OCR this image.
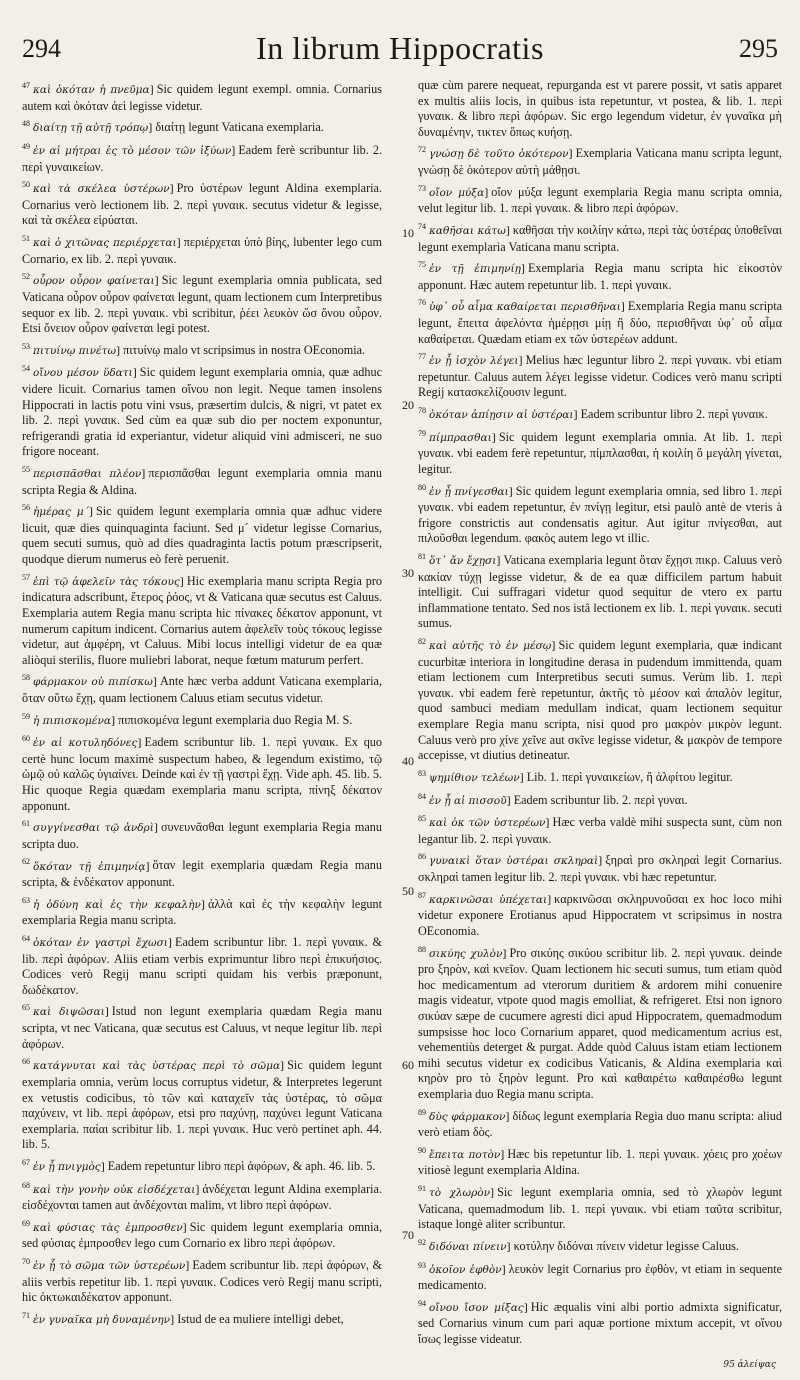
294	In librum Hippocratis	295

$^{47}$ καὶ ὁκόταν ἡ πνεῦμα ] Sic quidem legunt exempl. omnia. Cornarius autem καὶ ὁκόταν ἀεὶ legisse videtur.

$^{48}$ διαίτῃ τῇ αὐτῇ τρόπῳ ] διαίτῃ legunt Vaticana exemplaria.

$^{49}$ ἐν αἱ μήτραι ἐς τὸ μέσον τῶν ἰξύων ] Eadem ferè scribuntur lib. 2. περὶ γυναικείων.

$^{50}$ καὶ τὰ σκέλεα ὑστέρων ] Pro ὑστέρων legunt Aldina exemplaria. Cornarius verò lectionem lib. 2. περὶ γυναικ. secutus videtur & legisse, καὶ τὰ σκέλεα εἰρύαται.

$^{51}$ καὶ ὁ χιτῶνας περιέρχεται ] περιέρχεται ὑπὸ βίης, lubenter lego cum Cornario, ex lib. 2. περὶ γυναικ.

$^{52}$ οὖρον οὖρον φαίνεται ] Sic legunt exemplaria omnia publicata, sed Vaticana οὖρον οὖρον φαίνεται legunt, quam lectionem cum Interpretibus sequor ex lib. 2. περὶ γυναικ. vbi scribitur, ῥέει λευκὸν ὥσ ὄνου οὖρον. Etsi ὄνειον οὖρον φαίνεται legi potest.

$^{53}$ πιτυίνῳ πινέτω ] πιτυίνῳ malo vt scripsimus in nostra OEconomia.

$^{54}$ οἴνου μέσον ὕδατι ] Sic quidem legunt exemplaria omnia, quæ adhuc videre licuit. Cornarius tamen οἴνου non legit. Neque tamen insolens Hippocrati in lactis potu vini vsus, præsertim dulcis, & nigri, vt patet ex lib. 2. περὶ γυναικ. Sed cùm ea quæ sub dio per noctem exponuntur, refrigerandi gratia id experiantur, videtur aliquid vini admisceri, ne suo frigore noceant.

$^{55}$ περισπᾶσθαι πλέον ] περισπᾶσθαι legunt exemplaria omnia manu scripta Regia & Aldina.

$^{56}$ ἡμέρας μ´ ] Sic quidem legunt exemplaria omnia quæ adhuc videre licuit, quæ dies quinquaginta faciunt. Sed μ´ videtur legisse Cornarius, quem secuti sumus, quò ad dies quadraginta lactis potum præscripserit, quodque dierum numerus eò ferè peruenit.

$^{57}$ ἐπὶ τῷ ἀφελεῖν τὰς τόκους ] Hic exemplaria manu scripta Regia pro indicatura adscribunt, ἕτερος ῥόος, vt & Vaticana quæ secutus est Caluus. Exemplaria autem Regia manu scripta hic πίνακες δέκατον apponunt, vt numerum capitum indicent. Cornarius autem ἀφελεῖν τοὺς τόκους legisse videtur, aut ἀμφέρη, vt Caluus. Mibi locus intelligi videtur de ea quæ aliòqui sterilis, fluore muliebri laborat, neque fœtum maturum perfert.

$^{58}$ φάρμακον οὐ πιπίσκω ] Ante hæc verba addunt Vaticana exemplaria, ὅταν οὕτω ἔχῃ, quam lectionem Caluus etiam secutus videtur.

$^{59}$ ἡ πιπισκομένα ] πιπισκομένα legunt exemplaria duo Regia M. S.

$^{60}$ ἐν αἱ κοτυληδόνες ] Eadem scribuntur lib. 1. περὶ γυναικ. Ex quo certè hunc locum maximè suspectum habeo, & legendum existimo, τῷ ὠμῷ οὐ καλῶς ὑγιαίνει. Deinde καὶ ἐν τῇ γαστρὶ ἔχῃ. Vide aph. 45. lib. 5. Hic quoque Regia quædam exemplaria manu scripta, πίνηξ δέκατον apponunt.

$^{61}$ συγγίνεσθαι τῷ ἀνδρὶ ] συνευνᾶσθαι legunt exemplaria Regia manu scripta duo.

$^{62}$ ὅκόταν τῇ ἐπιμηνίᾳ ] ὅταν legit exemplaria quædam Regia manu scripta, & ἑνδέκατον apponunt.

$^{63}$ ἡ ὀδύνη καὶ ἐς τὴν κεφαλὴν ] ἀλλὰ καὶ ἐς τὴν κεφαλὴν legunt exemplaria Regia manu scripta.

$^{64}$ ὁκόταν ἐν γαστρὶ ἔχωσι ] Eadem scribuntur libr. 1. περὶ γυναικ. & lib. περὶ ἀφόρων. Aliis etiam verbis exprimuntur libro περὶ ἐπικυήσιος. Codices verò Regij manu scripti quidam his verbis præponunt, δωδέκατον.

$^{65}$ καὶ διψῶσαι ] Istud non legunt exemplaria quædam Regia manu scripta, vt nec Vaticana, quæ secutus est Caluus, vt neque legitur lib. περὶ ἀφόρων.

$^{66}$ κατάγνυται καὶ τὰς ὑστέρας περὶ τὸ σῶμα ] Sic quidem legunt exemplaria omnia, verùm locus corruptus videtur, & Interpretes legerunt ex vetustis codicibus, τὸ τῶν καὶ καταχεῖν τὰς ὑστέρας, τὸ σῶμα παχύνειν, vt lib. περὶ ἀφόρων, etsi pro παχύνῃ, παχύνει legunt Vaticana exemplaria. παίαι scribitur lib. 1. περὶ γυναικ. Huc verò pertinet aph. 44. lib. 5.

$^{67}$ ἐν ᾗ πνιγμὸς ] Eadem repetuntur libro περὶ ἀφόρων, & aph. 46. lib. 5.

$^{68}$ καὶ τὴν γονὴν οὐκ εἰσδέχεται ] ἀνδέχεται legunt Aldina exemplaria. εἰσδέχονται tamen aut ἀνδέχονται malim, vt libro περὶ ἀφόρων.

$^{69}$ καὶ φύσιας τὰς ἐμπροσθεν ] Sic quidem legunt exemplaria omnia, sed φύσιας ἐμπροσθεν lego cum Cornario ex libro περὶ ἀφόρων.

$^{70}$ ἐν ᾗ τὸ σῶμα τῶν ὑστερέων ] Eadem scribuntur lib. περὶ ἀφόρων, & aliis verbis repetitur lib. 1. περὶ γυναικ. Codices verò Regij manu scripti, hic ὀκτωκαιδέκατον apponunt.

$^{71}$ ἐν γυναῖκα μὴ δυναμένην ] Istud de ea muliere intelligi debet,

10
20
30
40
50
60
70

quæ cùm parere nequeat, repurganda est vt parere possit, vt satis apparet ex multis aliis locis, in quibus ista repetuntur, vt postea, & lib. 1. περὶ γυναικ. & libro περὶ ἀφόρων. Sic ergo legendum videtur, ἐν γυναῖκα μὴ δυναμένην, τικτεν ὅπως κυήσῃ.

$^{72}$ γνώσῃ δὲ τοῦτο ὁκότερον ] Exemplaria Vaticana manu scripta legunt, γνώσῃ δὲ ὁκότερον αὐτὴ μάθῃσι.

$^{73}$ οἴον μύξα ] οἴον μύξα legunt exemplaria Regia manu scripta omnia, velut legitur lib. 1. περὶ γυναικ. & libro περὶ ἀφόρων.

$^{74}$ καθῆσαι κάτω ] καθῆσαι τὴν κοιλίην κάτω, περὶ τὰς ὑστέρας ὑποθεῖναι legunt exemplaria Vaticana manu scripta.

$^{75}$ ἐν τῇ ἐπιμηνίῃ ] Exemplaria Regia manu scripta hic εἰκοστὸν apponunt. Hæc autem repetuntur lib. 1. περὶ γυναικ.

$^{76}$ ὑφ᾽ οὗ αἷμα καθαίρεται περισθῆναι ] Exemplaria Regia manu scripta legunt, ἔπειτα ἀφελόντα ἡμέρῃσι μίῃ ἢ δύο, περισθῆναι ὑφ᾽ οὗ αἷμα καθαίρεται. Quædam etiam ex τῶν ὑστερέων addunt.

$^{77}$ ἐν ᾗ ἰσχὸν λέγει ] Melius hæc leguntur libro 2. περὶ γυναικ. vbi etiam repetuntur. Caluus autem λέγει legisse videtur. Codices verò manu scripti Regij κατασκελίζουσιν legunt.

$^{78}$ ὁκόταν ἀπίῃσιν αἱ ὑστέραι ] Eadem scribuntur libro 2. περὶ γυναικ.

$^{79}$ πίμπρασθαι ] Sic quidem legunt exemplaria omnia. At lib. 1. περὶ γυναικ. vbi eadem ferè repetuntur, πίμπλασθαι, ἡ κοιλίη ὅ μεγάλη γίνεται, legitur.

$^{80}$ ἐν ᾗ πνίγεσθαι ] Sic quidem legunt exemplaria omnia, sed libro 1. περὶ γυναικ. vbi eadem repetuntur, ἐν πνίγῃ legitur, etsi paulò antè de vteris à frigore constrictis aut condensatis agitur. Aut igitur πνίγεσθαι, aut πιλοῦσθαι legendum. φακὸς autem lego vt illic.

$^{81}$ ὅτ᾽ ἄν ἔχῃσι ] Vaticana exemplaria legunt ὅταν ἔχῃσι πικρ. Caluus verò κακίαν τύχῃ legisse videtur, & de ea quæ difficilem partum habuit intelligit. Cui suffragari videtur quod sequitur de vtero ex partu inflammatione tentato. Sed nos istâ lectionem ex lib. 1. περὶ γυναικ. secuti sumus.

$^{82}$ καὶ αὐτῆς τὸ ἐν μέσῳ ] Sic quidem legunt exemplaria, quæ indicant cucurbitæ interiora in longitudine derasa in pudendum immittenda, quam etiam lectionem cum Interpretibus secuti sumus. Verùm lib. 1. περὶ γυναικ. vbi eadem ferè repetuntur, ἀκτῆς τὸ μέσον καὶ ἀπαλὸν legitur, quod sambuci mediam medullam indicat, quam lectionem sequitur exemplare Regia manu scripta, nisi quod pro μακρὸν μικρὸν legunt. Caluus verò pro χίνε χεῖνε aut σκῖνε legisse videtur, & μακρὸν de tempore accepisse, vt diutius detineatur.

$^{83}$ ψημίθιον τελέων ] Lib. 1. περὶ γυναικείων, ἢ ἀλφίτου legitur.

$^{84}$ ἐν ᾗ αἱ πισσοῦ ] Eadem scribuntur lib. 2. περὶ γυναι.

$^{85}$ καὶ ὁκ τῶν ὑστερέων ] Hæc verba valdè mihi suspecta sunt, cùm non legantur lib. 2. περὶ γυναικ.

$^{86}$ γυναικὶ ὅταν ὑστέραι σκληραὶ ] ξηραὶ pro σκληραὶ legit Cornarius. σκληραὶ tamen legitur lib. 2. περὶ γυναικ. vbi hæc repetuntur.

$^{87}$ καρκινῶσαι ὑπέχεται ] καρκινῶσαι σκληρυνοῦσαι ex hoc loco mihi videtur exponere Erotianus apud Hippocratem vt scripsimus in nostra OEconomia.

$^{88}$ σικύης χυλὸν ] Pro σικύης σικύου scribitur lib. 2. περὶ γυναικ. deinde pro ξηρὸν, καὶ κνεῖον. Quam lectionem hic secuti sumus, tum etiam quòd hoc medicamentum ad vterorum duritiem & ardorem mihi conuenire magis videatur, vtpote quod magis emolliat, & refrigeret. Etsi non ignoro σικύαν sæpe de cucumere agresti dici apud Hippocratem, quemadmodum sumpsisse hoc loco Cornarium apparet, quod medicamentum acrius est, vehementiùs deterget & purgat. Adde quòd Caluus istam etiam lectionem mihi secutus videtur ex codicibus Vaticanis, & Aldina exemplaria καὶ κηρὸν pro τὸ ξηρὸν legunt. Pro καὶ καθαιρέτω καθαιρέσθω legunt exemplaria duo Regia manu scripta.

$^{89}$ δὺς φάρμακον ] δίδως legunt exemplaria Regia duo manu scripta: aliud verò etiam δὸς.

$^{90}$ ἔπειτα ποτὸν ] Hæc bis repetuntur lib. 1. περὶ γυναικ. χόεις pro χοέων vitiosè legunt exemplaria Aldina.

$^{91}$ τὸ χλωρὸν ] Sic legunt exemplaria omnia, sed τὸ χλωρὸν legunt Vaticana, quemadmodum lib. 1. περὶ γυναικ. vbi etiam ταῦτα scribitur, istaque longè aliter scribuntur.

$^{92}$ διδόναι πίνειν ] κοτύλην διδόναι πίνειν videtur legisse Caluus.

$^{93}$ ὀκοῖον ἐφθὸν ] λευκὸν legit Cornarius pro ἐφθὸν, vt etiam in sequente medicamento.

$^{94}$ οἴνου ἴσον μίξας ] Hic æqualis vini albi portio admixta significatur, sed Cornarius vinum cum pari aquæ portione mixtum accepit, vt οἴνου ἴσως legisse videatur.

95 ἀλείψας
